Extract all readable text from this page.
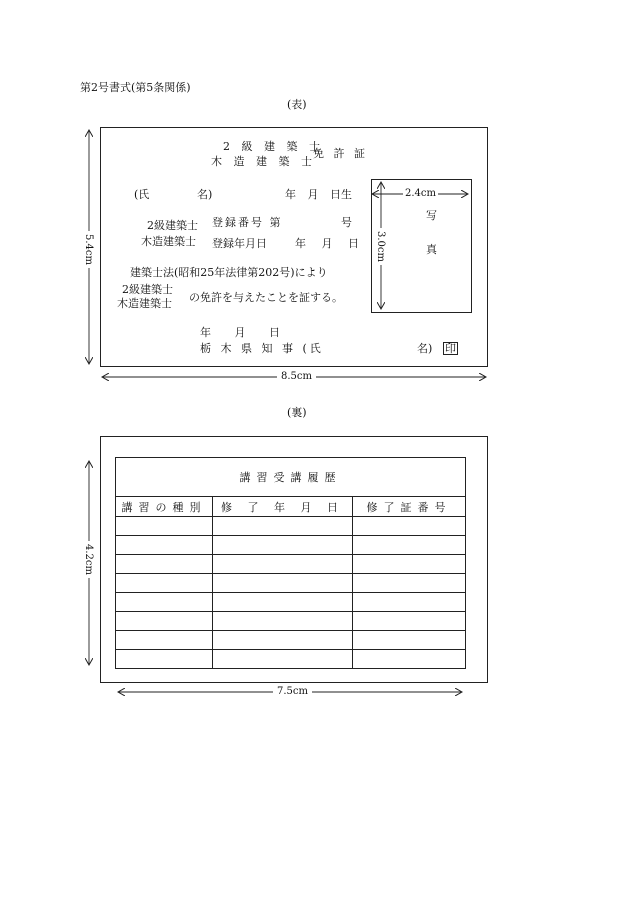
第2号書式(第5条関係)
(表)
2 級 建 築 士
木 造 建 築 士
免 許 証
(氏	名)	年 月 日生
2級建築士
木造建築士
登録番号 第	号
登録年月日	年 月 日
建築士法(昭和25年法律第202号)により
2級建築士
木造建築士 の免許を与えたことを証する。
年 月 日
栃 木 県 知 事 (氏	名) 印
写
真
(裏)
講習受講履歴		
講習の種別	修 了 年 月 日	修了証番号

5.4cm
8.5cm
2.4cm
3.0cm
4.2cm
7.5cm
